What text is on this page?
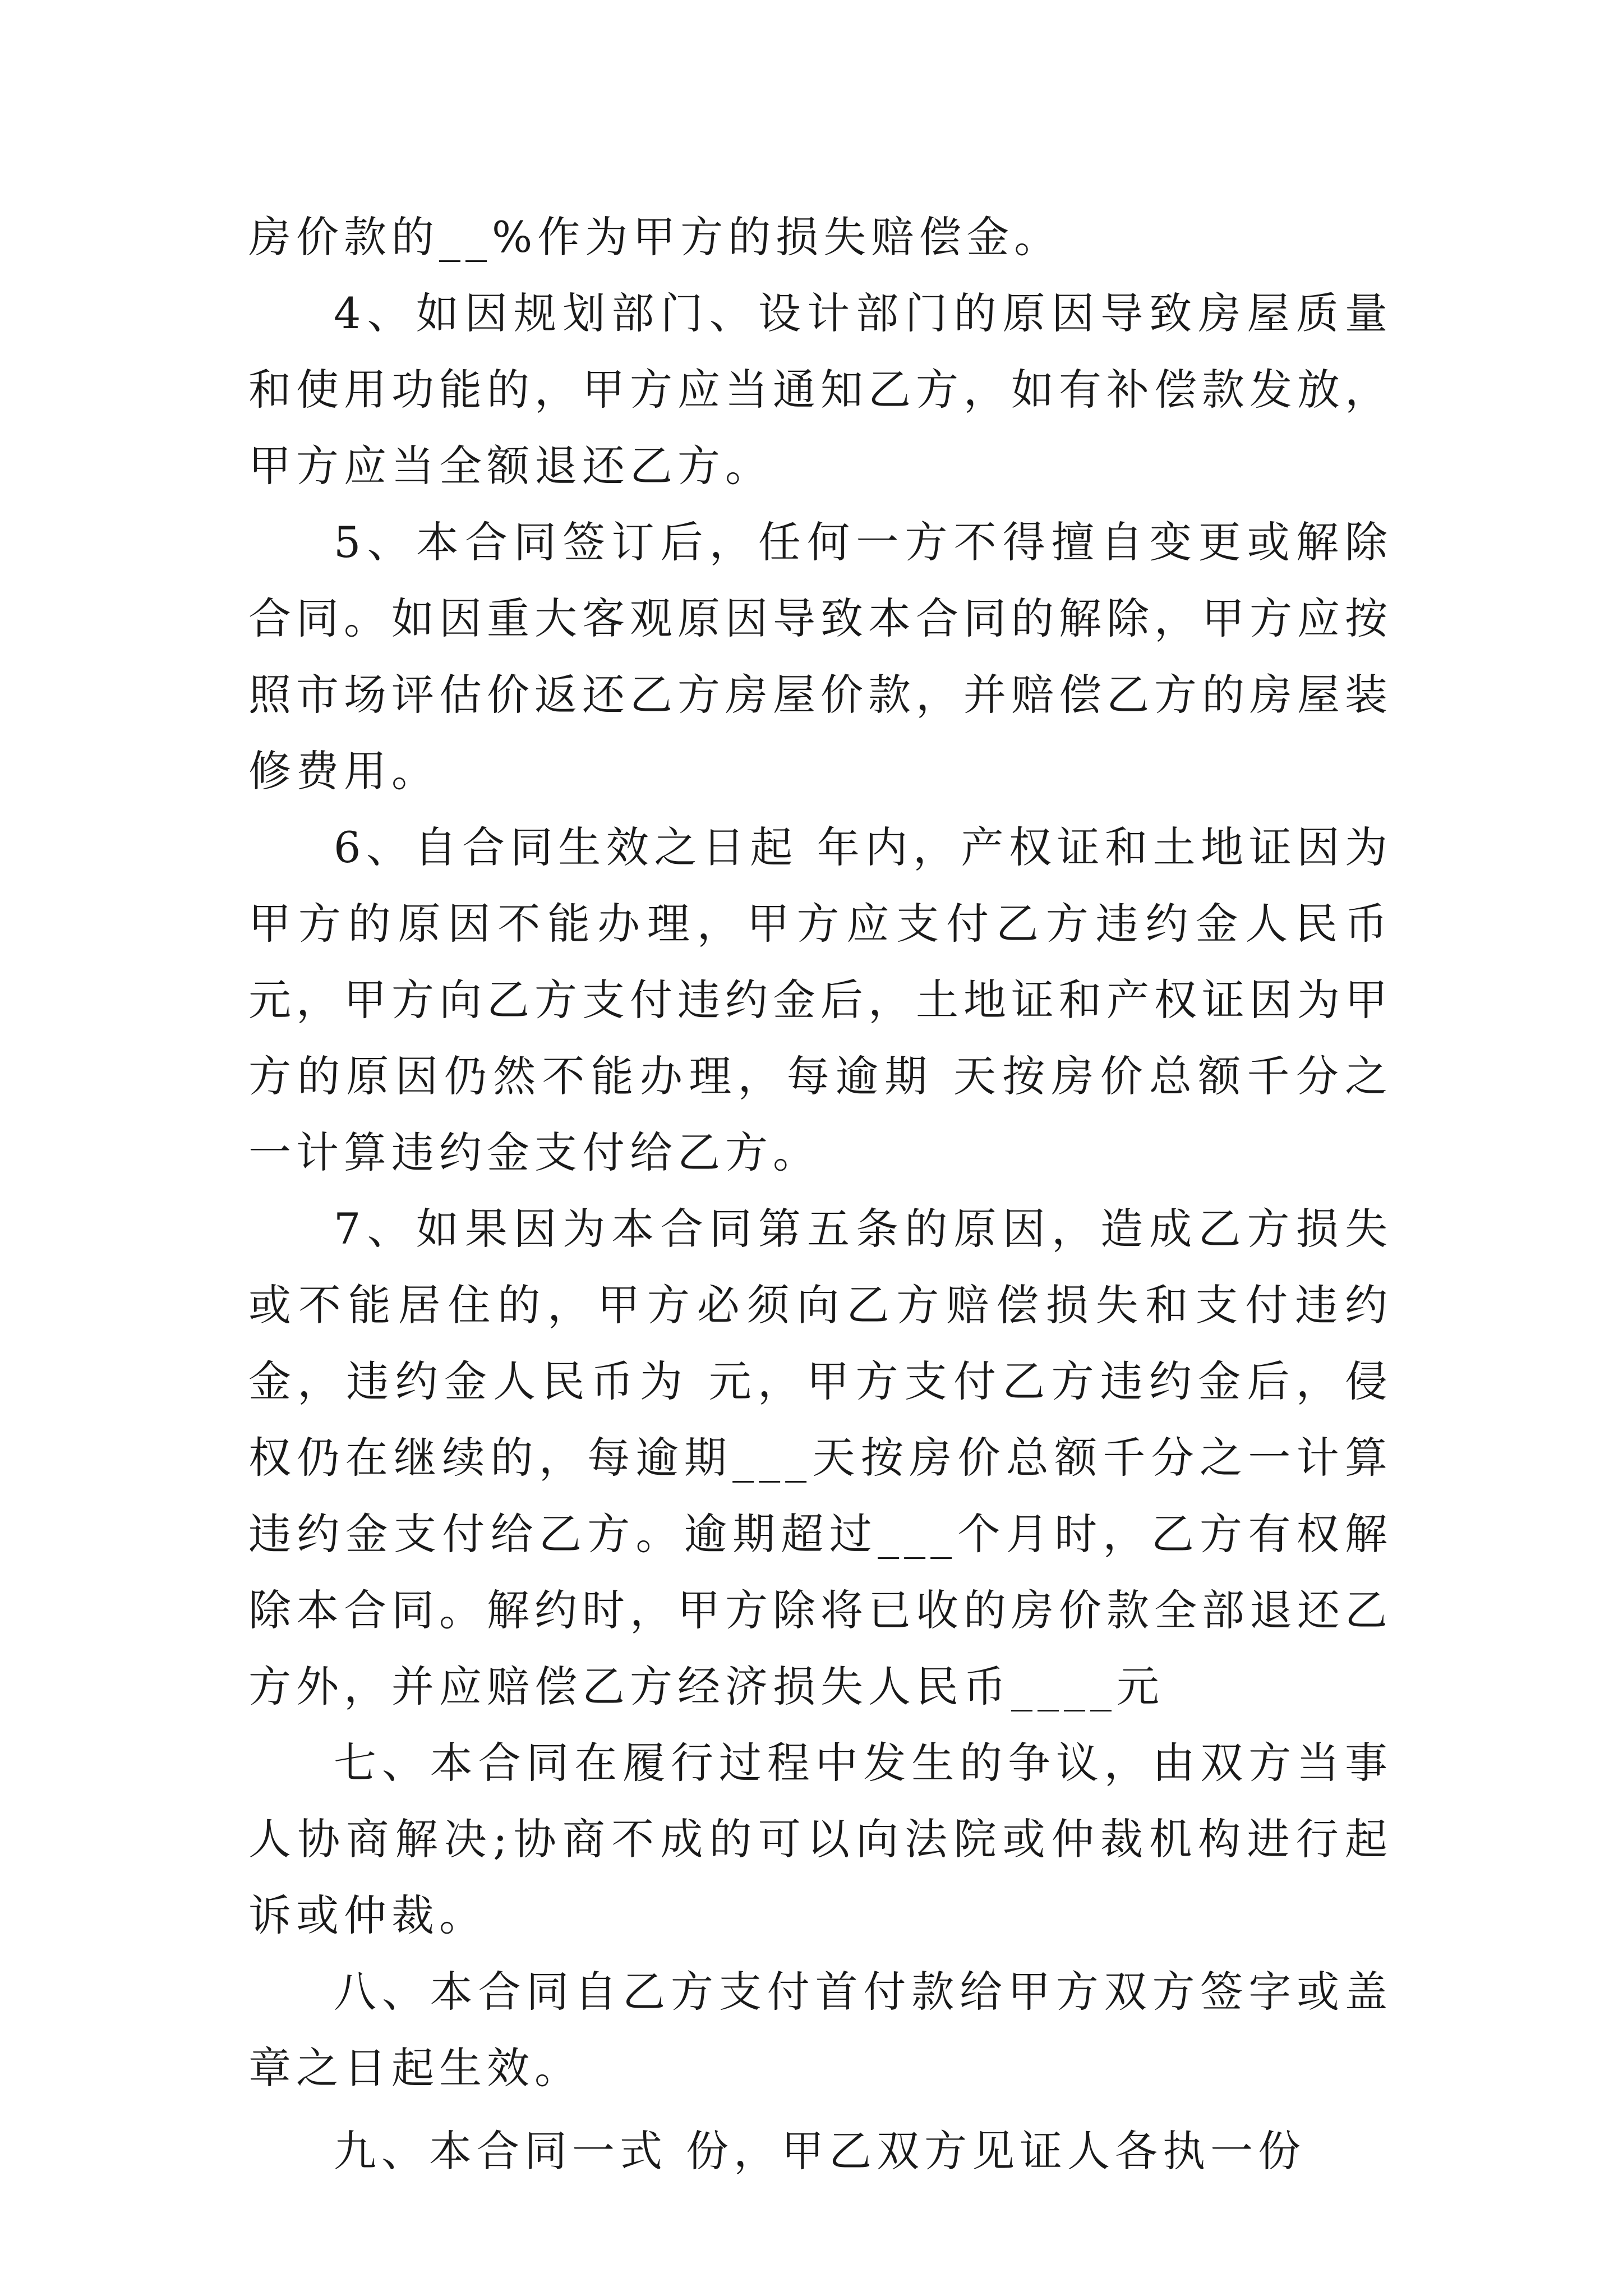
房价款的__%作为甲方的损失赔偿金。

4、如因规划部门、设计部门的原因导致房屋质量和使用功能的，甲方应当通知乙方，如有补偿款发放，甲方应当全额退还乙方。

5、本合同签订后，任何一方不得擅自变更或解除合同。如因重大客观原因导致本合同的解除，甲方应按照市场评估价返还乙方房屋价款，并赔偿乙方的房屋装修费用。

6、自合同生效之日起 年内，产权证和土地证因为甲方的原因不能办理，甲方应支付乙方违约金人民币 元，甲方向乙方支付违约金后，土地证和产权证因为甲方的原因仍然不能办理，每逾期 天按房价总额千分之一计算违约金支付给乙方。

7、如果因为本合同第五条的原因，造成乙方损失或不能居住的，甲方必须向乙方赔偿损失和支付违约金，违约金人民币为 元，甲方支付乙方违约金后，侵权仍在继续的，每逾期___天按房价总额千分之一计算违约金支付给乙方。逾期超过___个月时，乙方有权解除本合同。解约时，甲方除将已收的房价款全部退还乙方外，并应赔偿乙方经济损失人民币____元

七、本合同在履行过程中发生的争议，由双方当事人协商解决;协商不成的可以向法院或仲裁机构进行起诉或仲裁。

八、本合同自乙方支付首付款给甲方双方签字或盖章之日起生效。

九、本合同一式 份，甲乙双方见证人各执一份
